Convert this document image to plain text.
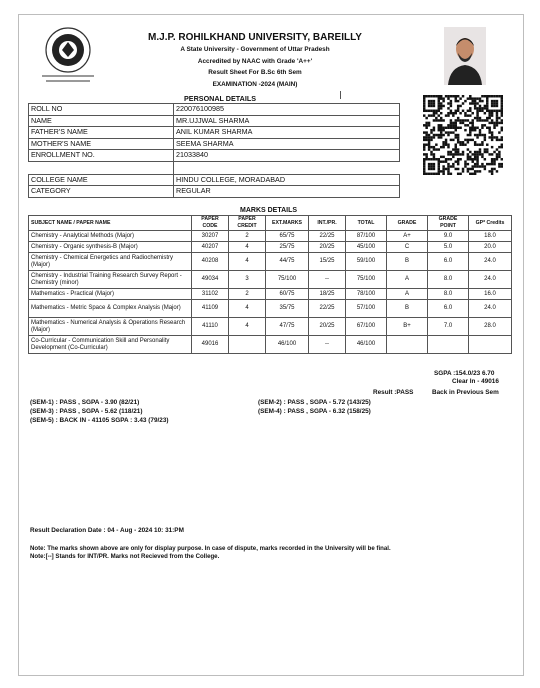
M.J.P. ROHILKHAND UNIVERSITY, BAREILLY
A State University - Government of Uttar Pradesh
Accredited by NAAC with Grade 'A++'
Result Sheet For B.Sc 6th Sem
EXAMINATION -2024 (MAIN)
PERSONAL DETAILS
ROLL NO	220076100985
NAME	MR.UJJWAL SHARMA
FATHER'S NAME	ANIL KUMAR SHARMA
MOTHER'S NAME	SEEMA SHARMA
ENROLLMENT NO.	21033840

COLLEGE NAME	HINDU COLLEGE, MORADABAD
CATEGORY	REGULAR
MARKS DETAILS
SUBJECT NAME / PAPER NAME	PAPER CODE	PAPER CREDIT	EXT.MARKS	INT./PR.	TOTAL	GRADE	GRADE POINT	GP* Credits
Chemistry - Analytical Methods (Major)	30207	2	65/75	22/25	87/100	A+	9.0	18.0
Chemistry - Organic synthesis-B (Major)	40207	4	25/75	20/25	45/100	C	5.0	20.0
Chemistry - Chemical Energetics and Radiochemistry (Major)	40208	4	44/75	15/25	59/100	B	6.0	24.0
Chemistry - Industrial Training Research Survey Report - Chemistry (minor)	49034	3	75/100	--	75/100	A	8.0	24.0
Mathematics - Practical (Major)	31102	2	60/75	18/25	78/100	A	8.0	16.0
Mathematics - Metric Space & Complex Analysis (Major)	41109	4	35/75	22/25	57/100	B	6.0	24.0
Mathematics - Numerical Analysis & Operations Research (Major)	41110	4	47/75	20/25	67/100	B+	7.0	28.0
Co-Curricular - Communication Skill and Personality Development (Co-Curricular)	49016		46/100	--	46/100			
SGPA :154.0/23 6.70
Clear In - 49016
Result :PASS	Back in Previous Sem
(SEM-1) : PASS , SGPA - 3.90 (82/21)	(SEM-2) : PASS , SGPA - 5.72 (143/25)
(SEM-3) : PASS , SGPA - 5.62 (118/21)	(SEM-4) : PASS , SGPA - 6.32 (158/25)
(SEM-5) : BACK IN - 41105 SGPA : 3.43 (79/23)
Result Declaration Date : 04 - Aug - 2024 10: 31:PM
Note: The marks shown above are only for display purpose. In case of dispute, marks recorded in the University will be final.
Note:[--] Stands for INT/PR. Marks not Recieved from the College.
